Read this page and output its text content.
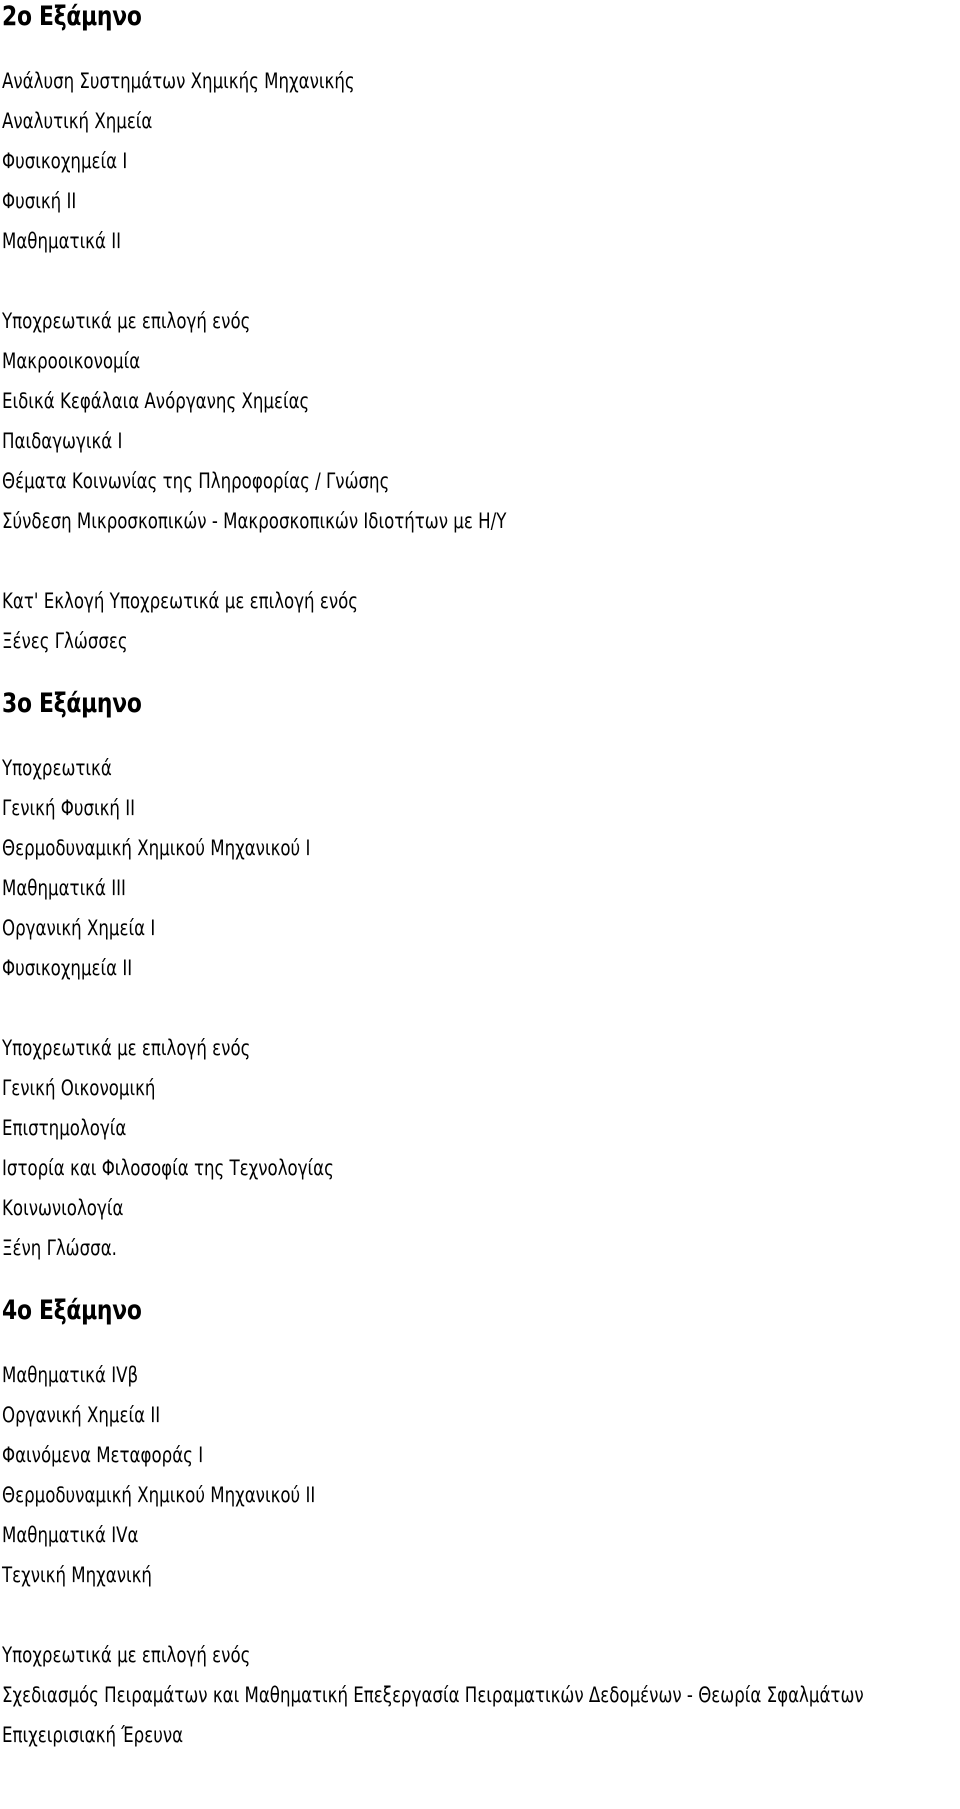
2ο Εξάμηνο
Ανάλυση Συστημάτων Χημικής Μηχανικής
Αναλυτική Χημεία
Φυσικοχημεία Ι
Φυσική ΙΙ
Μαθηματικά ΙΙ
Υποχρεωτικά με επιλογή ενός
Μακροοικονομία
Ειδικά Κεφάλαια Ανόργανης Χημείας
Παιδαγωγικά Ι
Θέματα Κοινωνίας της Πληροφορίας / Γνώσης
Σύνδεση Μικροσκοπικών - Μακροσκοπικών Ιδιοτήτων με Η/Υ
Κατ' Εκλογή Υποχρεωτικά με επιλογή ενός
Ξένες Γλώσσες
3ο Εξάμηνο
Υποχρεωτικά
Γενική Φυσική ΙΙ
Θερμοδυναμική Χημικού Μηχανικού Ι
Μαθηματικά ΙΙΙ
Οργανική Χημεία Ι
Φυσικοχημεία ΙΙ
Υποχρεωτικά με επιλογή ενός
Γενική Οικονομική
Επιστημολογία
Ιστορία και Φιλοσοφία της Τεχνολογίας
Κοινωνιολογία
Ξένη Γλώσσα.
4ο Εξάμηνο
Μαθηματικά ΙVβ
Οργανική Χημεία ΙΙ
Φαινόμενα Μεταφοράς Ι
Θερμοδυναμική Χημικού Μηχανικού ΙΙ
Μαθηματικά ΙVα
Τεχνική Μηχανική
Υποχρεωτικά με επιλογή ενός
Σχεδιασμός Πειραμάτων και Μαθηματική Επεξεργασία Πειραματικών Δεδομένων - Θεωρία Σφαλμάτων
Επιχειρισιακή Έρευνα
